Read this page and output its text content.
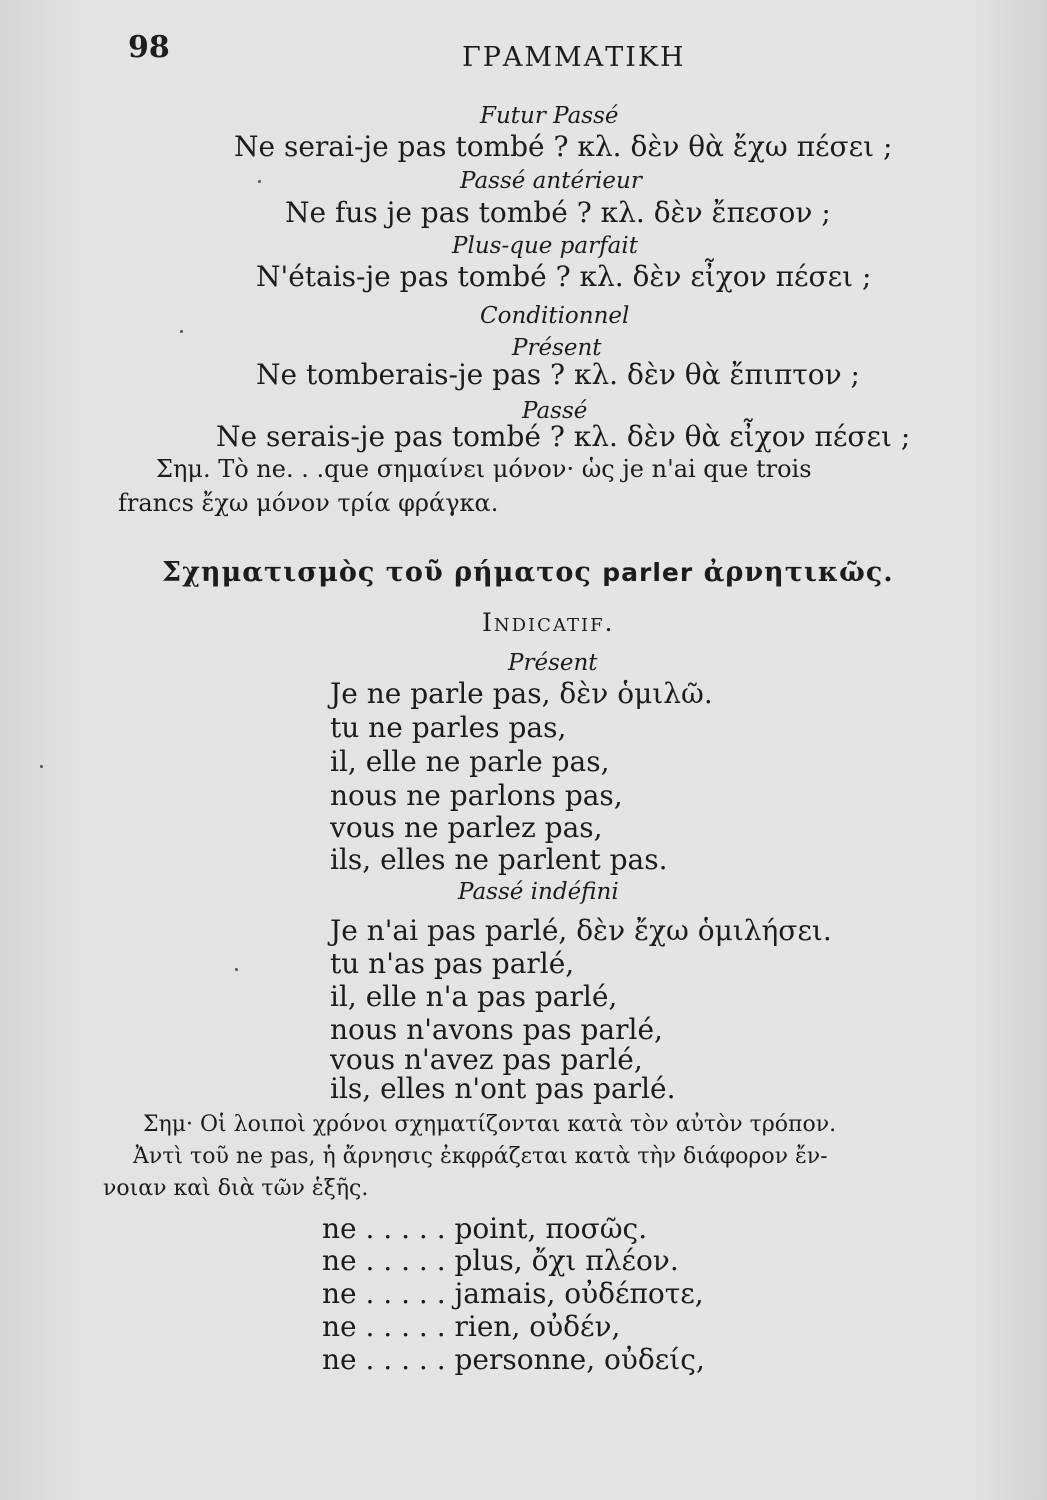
98	ΓΡΑΜΜΑΤΙΚΗ
Futur Passé
Ne serai-je pas tombé ? κλ. δὲν θὰ ἔχω πέσει ;
Passé antérieur
Ne fus je pas tombé ? κλ. δὲν ἔπεσον ;
Plus-que parfait
N'étais-je pas tombé ? κλ. δὲν εἶχον πέσει ;
Conditionnel
Présent
Ne tomberais-je pas ? κλ. δὲν θὰ ἔπιπτον ;
Passé
Ne serais-je pas tombé ? κλ. δὲν θὰ εἶχον πέσει ;
Σημ. Τὸ ne. . .que σημαίνει μόνον· ὡς je n'ai que trois
francs ἔχω μόνον τρία φράγκα.
Σχηματισμὸς τοῦ ρήματος parler ἀρνητικῶς.
Indicatif.
Présent
Je ne parle pas, δὲν ὁμιλῶ.
tu ne parles pas,
il, elle ne parle pas,
nous ne parlons pas,
vous ne parlez pas,
ils, elles ne parlent pas.
Passé indéfini
Je n'ai pas parlé, δὲν ἔχω ὁμιλήσει.
tu n'as pas parlé,
il, elle n'a pas parlé,
nous n'avons pas parlé,
vous n'avez pas parlé,
ils, elles n'ont pas parlé.
Σημ· Οἱ λοιποὶ χρόνοι σχηματίζονται κατὰ τὸν αὐτὸν τρόπον.
Ἀντὶ τοῦ ne pas, ἡ ἄρνησις ἐκφράζεται κατὰ τὴν διάφορον ἔν-
νοιαν καὶ διὰ τῶν ἑξῆς.
ne . . . . . point, ποσῶς.
ne . . . . . plus, ὄχι πλέον.
ne . . . . . jamais, οὐδέποτε,
ne . . . . . rien, οὐδέν,
ne . . . . . personne, οὐδείς,
